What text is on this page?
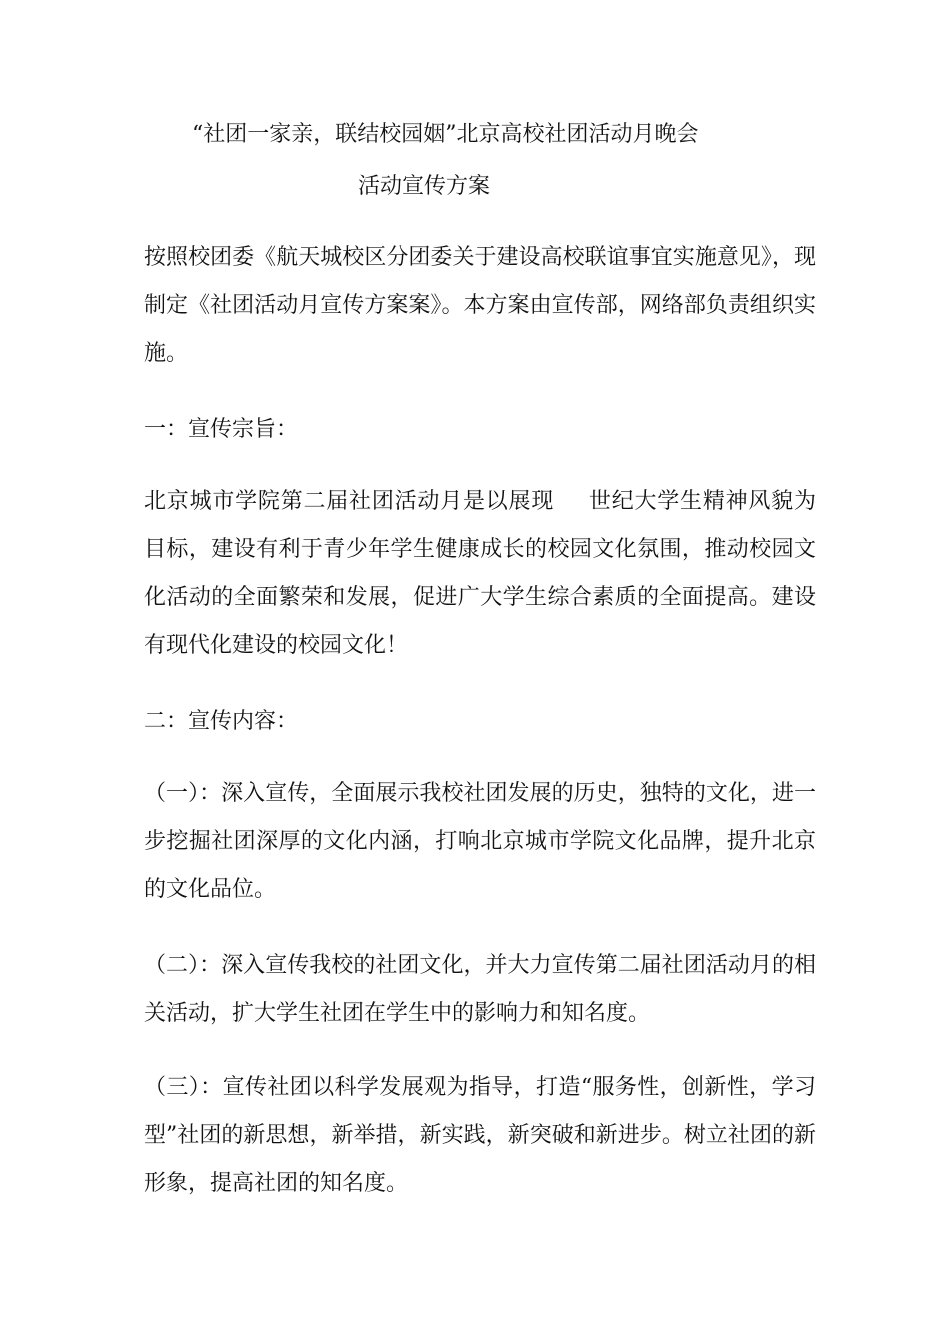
“社团一家亲，联结校园姻”北京高校社团活动月晚会
活动宣传方案
按照校团委《航天城校区分团委关于建设高校联谊事宜实施意见》，现制定《社团活动月宣传方案案》。本方案由宣传部，网络部负责组织实施。
一：宣传宗旨：
北京城市学院第二届社团活动月是以展现 世纪大学生精神风貌为目标，建设有利于青少年学生健康成长的校园文化氛围，推动校园文化活动的全面繁荣和发展，促进广大学生综合素质的全面提高。建设有现代化建设的校园文化！
二：宣传内容：
（一）：深入宣传，全面展示我校社团发展的历史，独特的文化，进一步挖掘社团深厚的文化内涵，打响北京城市学院文化品牌，提升北京的文化品位。
（二）：深入宣传我校的社团文化，并大力宣传第二届社团活动月的相关活动，扩大学生社团在学生中的影响力和知名度。
（三）：宣传社团以科学发展观为指导，打造“服务性，创新性，学习型”社团的新思想，新举措，新实践，新突破和新进步。树立社团的新形象，提高社团的知名度。
